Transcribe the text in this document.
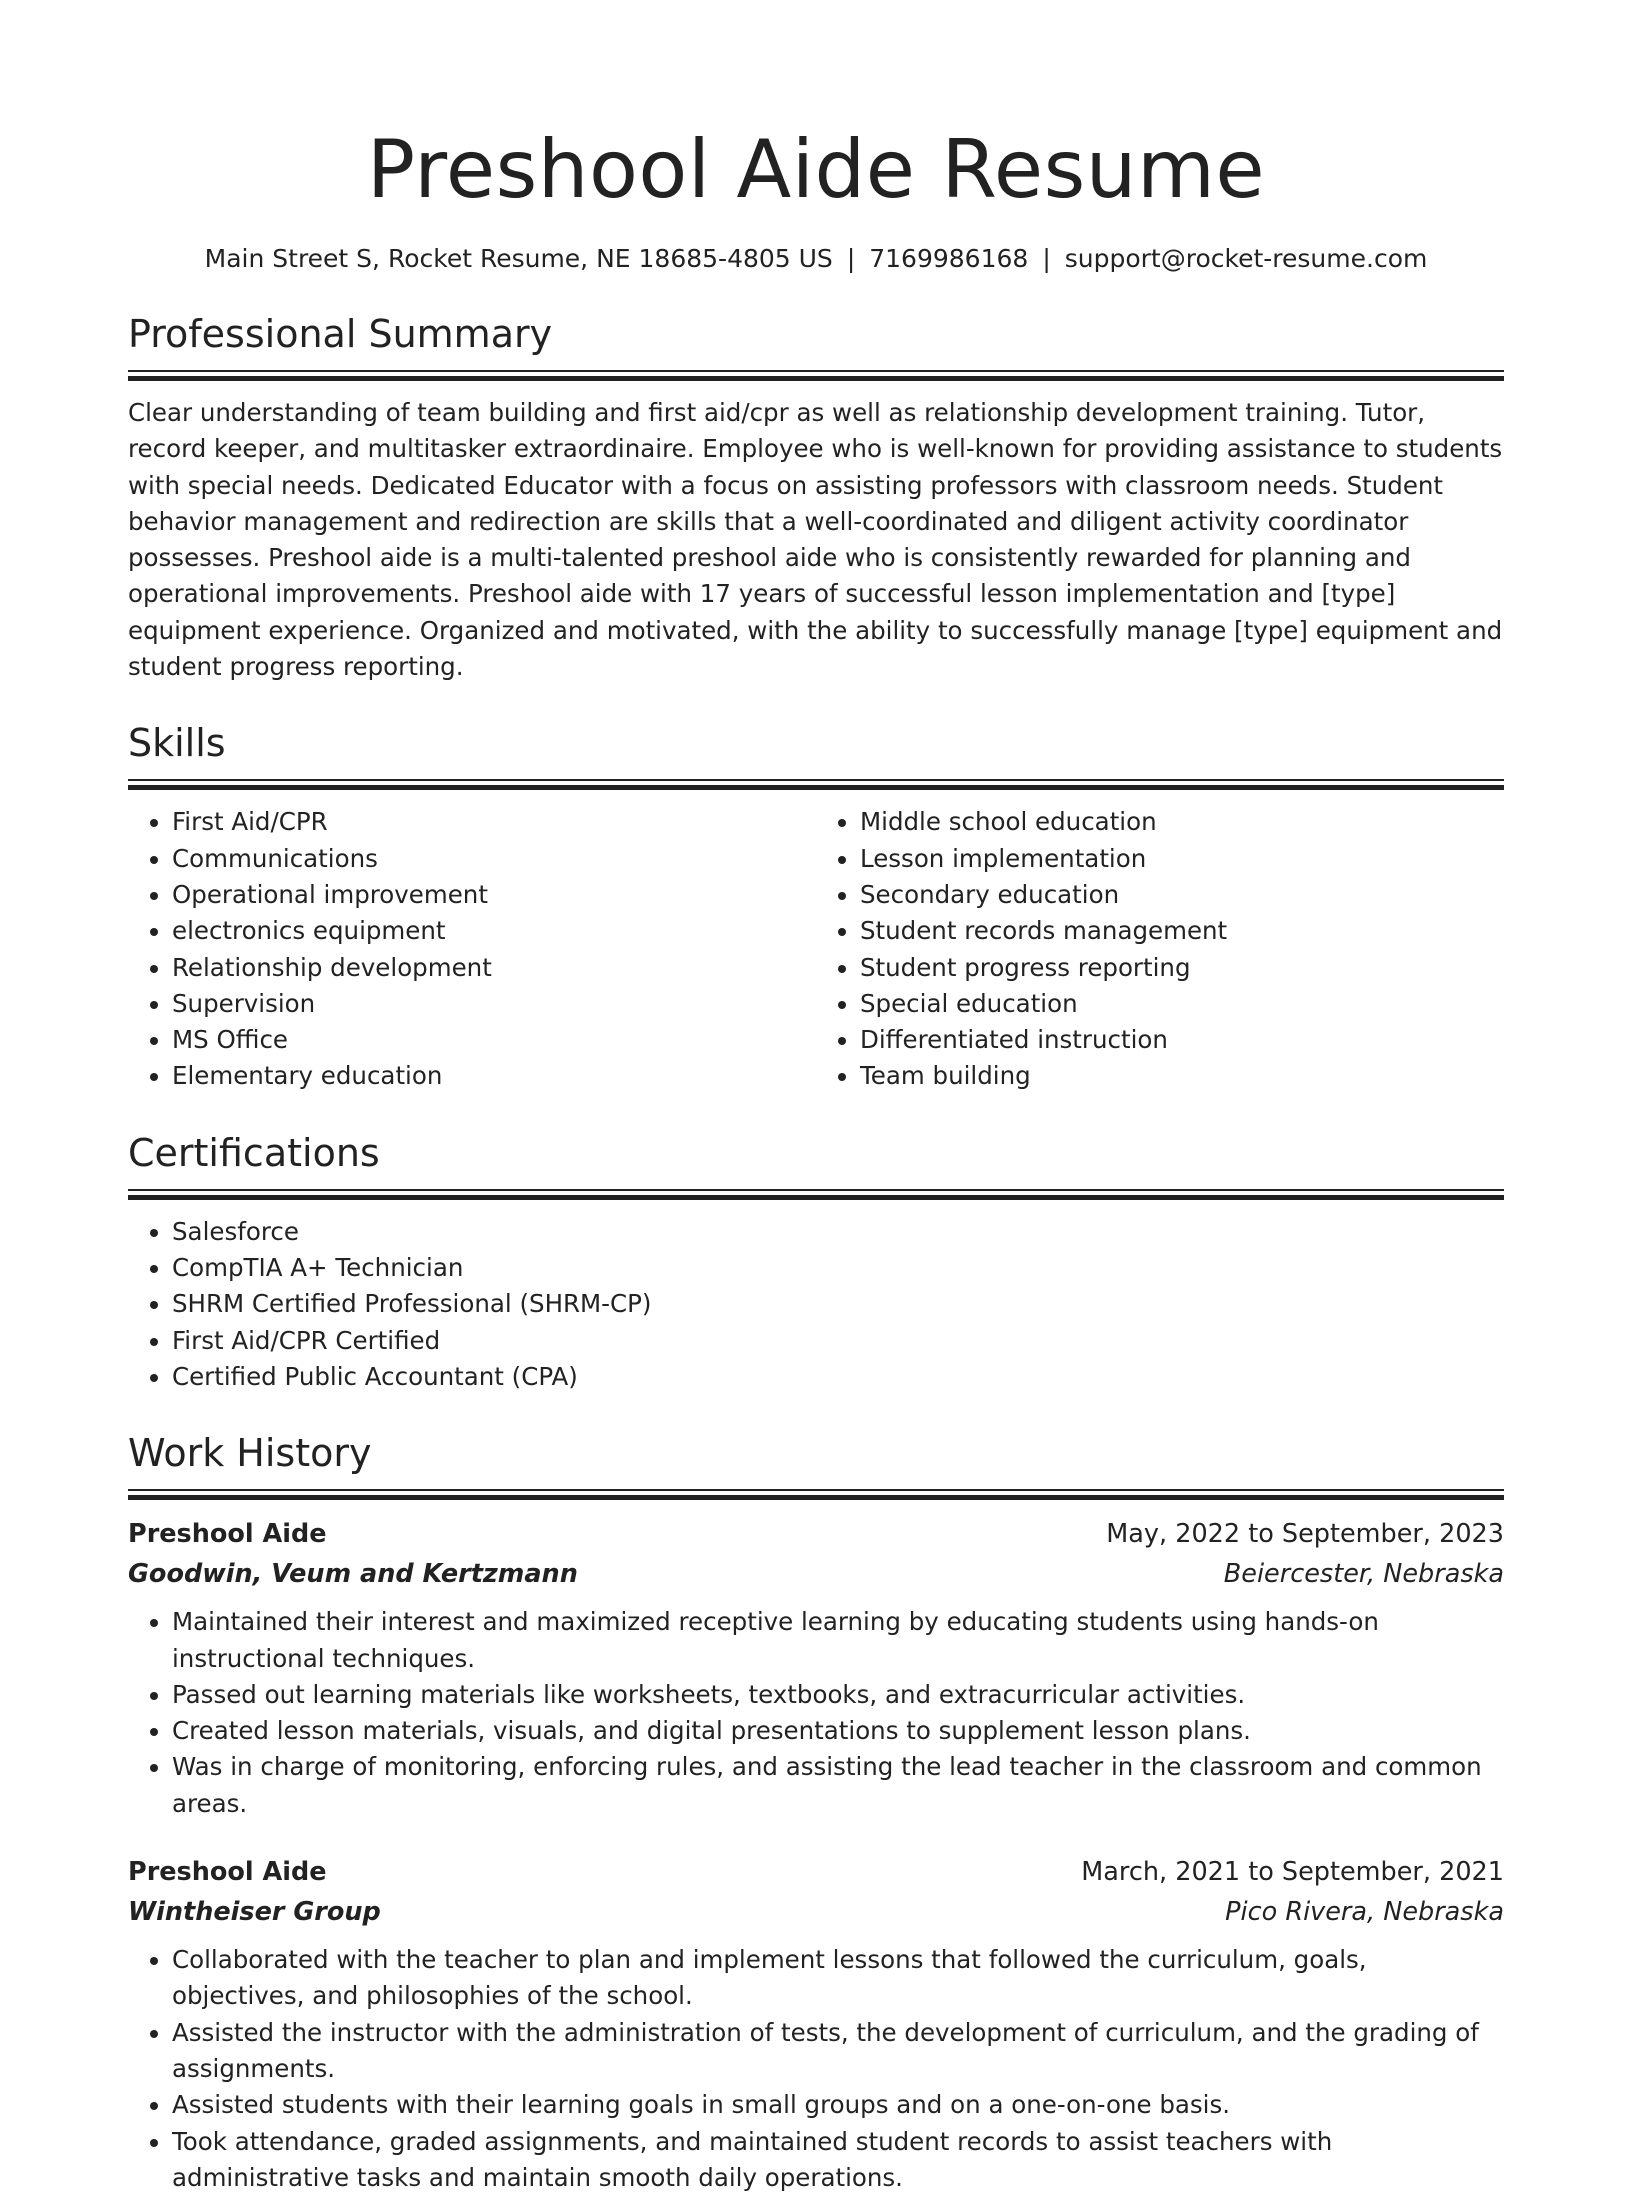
Preshool Aide Resume
Main Street S, Rocket Resume, NE 18685-4805 US | 7169986168 | support@rocket-resume.com
Professional Summary

Clear understanding of team building and first aid/cpr as well as relationship development training. Tutor, record keeper, and multitasker extraordinaire. Employee who is well-known for providing assistance to students with special needs. Dedicated Educator with a focus on assisting professors with classroom needs. Student behavior management and redirection are skills that a well-coordinated and diligent activity coordinator possesses. Preshool aide is a multi-talented preshool aide who is consistently rewarded for planning and operational improvements. Preshool aide with 17 years of successful lesson implementation and [type] equipment experience. Organized and motivated, with the ability to successfully manage [type] equipment and student progress reporting.

Skills
• First Aid/CPR
• Communications
• Operational improvement
• electronics equipment
• Relationship development
• Supervision
• MS Office
• Elementary education
• Middle school education
• Lesson implementation
• Secondary education
• Student records management
• Student progress reporting
• Special education
• Differentiated instruction
• Team building
Certifications
• Salesforce
• CompTIA A+ Technician
• SHRM Certified Professional (SHRM-CP)
• First Aid/CPR Certified
• Certified Public Accountant (CPA)
Work History
Preshool Aide	May, 2022 to September, 2023
Goodwin, Veum and Kertzmann	Beiercester, Nebraska
• Maintained their interest and maximized receptive learning by educating students using hands-on instructional techniques.
• Passed out learning materials like worksheets, textbooks, and extracurricular activities.
• Created lesson materials, visuals, and digital presentations to supplement lesson plans.
• Was in charge of monitoring, enforcing rules, and assisting the lead teacher in the classroom and common areas.
Preshool Aide	March, 2021 to September, 2021
Wintheiser Group	Pico Rivera, Nebraska
• Collaborated with the teacher to plan and implement lessons that followed the curriculum, goals, objectives, and philosophies of the school.
• Assisted the instructor with the administration of tests, the development of curriculum, and the grading of assignments.
• Assisted students with their learning goals in small groups and on a one-on-one basis.
• Took attendance, graded assignments, and maintained student records to assist teachers with administrative tasks and maintain smooth daily operations.
